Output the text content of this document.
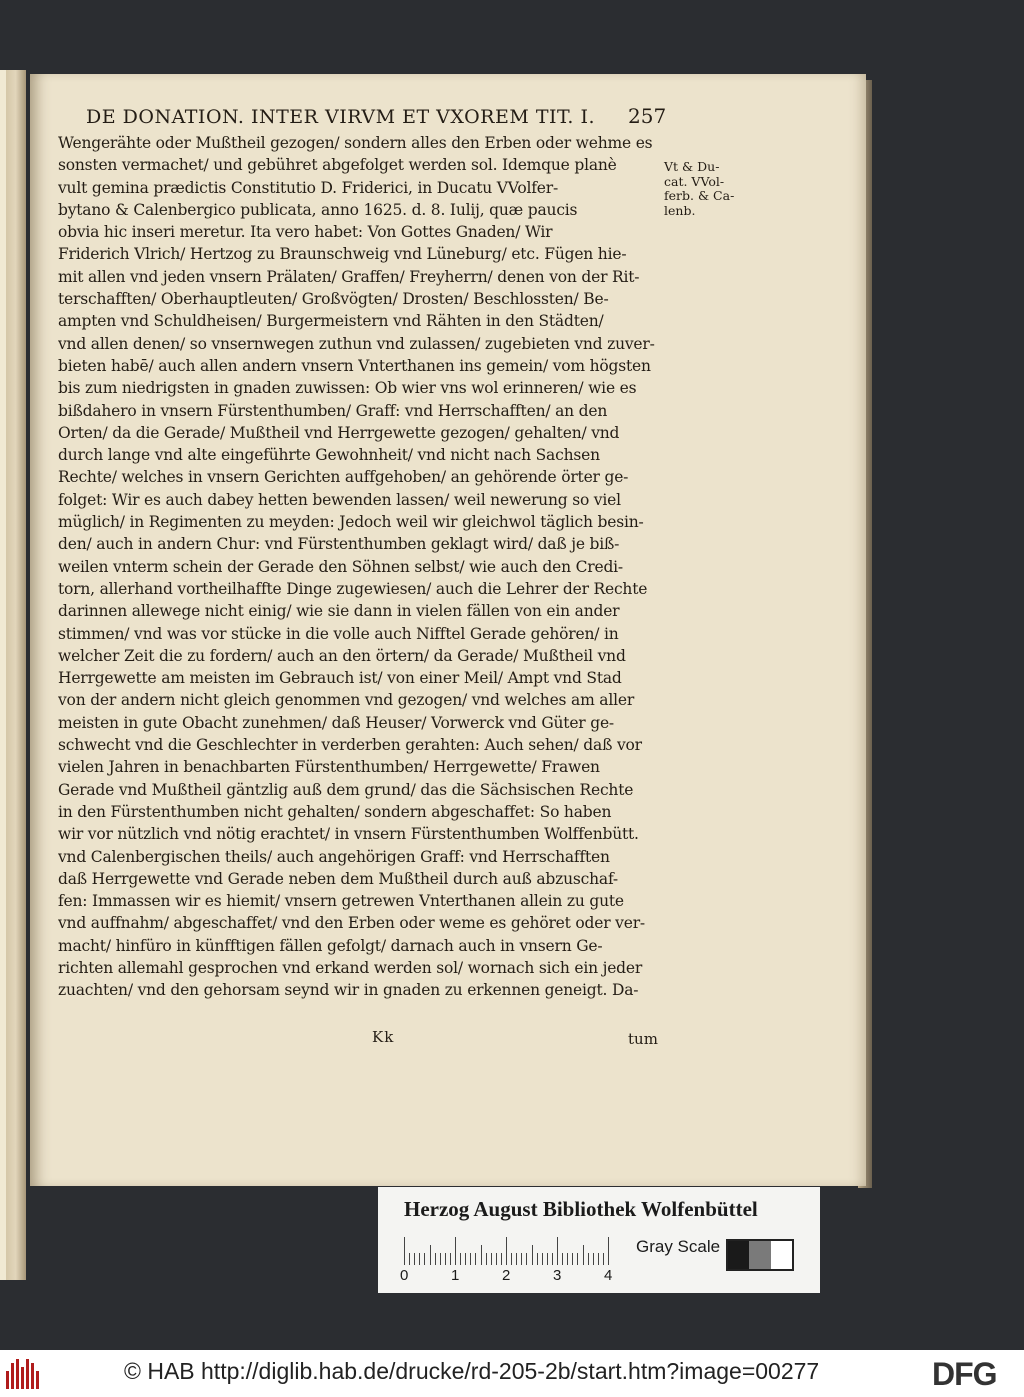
DE DONATION. INTER VIRVM ET VXOREM TIT. I.	257
Wengerähte oder Mußtheil gezogen/ sondern alles den Erben oder wehme es
sonsten vermachet/ und gebühret abgefolget werden sol. Idemque planè
vult gemina prædictis Constitutio D. Friderici, in Ducatu VVolfer-
bytano & Calenbergico publicata, anno 1625. d. 8. Iulij, quæ paucis
obvia hic inseri meretur. Ita vero habet: Von Gottes Gnaden/ Wir
Friderich Vlrich/ Hertzog zu Braunschweig vnd Lüneburg/ etc. Fügen hie-
mit allen vnd jeden vnsern Prälaten/ Graffen/ Freyherrn/ denen von der Rit-
terschafften/ Oberhauptleuten/ Großvögten/ Drosten/ Beschlossten/ Be-
ampten vnd Schuldheisen/ Burgermeistern vnd Rähten in den Städten/
vnd allen denen/ so vnsernwegen zuthun vnd zulassen/ zugebieten vnd zuver-
bieten habē/ auch allen andern vnsern Vnterthanen ins gemein/ vom högsten
bis zum niedrigsten in gnaden zuwissen: Ob wier vns wol erinneren/ wie es
bißdahero in vnsern Fürstenthumben/ Graff: vnd Herrschafften/ an den
Orten/ da die Gerade/ Mußtheil vnd Herrgewette gezogen/ gehalten/ vnd
durch lange vnd alte eingeführte Gewohnheit/ vnd nicht nach Sachsen
Rechte/ welches in vnsern Gerichten auffgehoben/ an gehörende örter ge-
folget: Wir es auch dabey hetten bewenden lassen/ weil newerung so viel
müglich/ in Regimenten zu meyden: Jedoch weil wir gleichwol täglich besin-
den/ auch in andern Chur: vnd Fürstenthumben geklagt wird/ daß je biß-
weilen vnterm schein der Gerade den Söhnen selbst/ wie auch den Credi-
torn, allerhand vortheilhaffte Dinge zugewiesen/ auch die Lehrer der Rechte
darinnen allewege nicht einig/ wie sie dann in vielen fällen von ein ander
stimmen/ vnd was vor stücke in die volle auch Nifftel Gerade gehören/ in
welcher Zeit die zu fordern/ auch an den örtern/ da Gerade/ Mußtheil vnd
Herrgewette am meisten im Gebrauch ist/ von einer Meil/ Ampt vnd Stad
von der andern nicht gleich genommen vnd gezogen/ vnd welches am aller
meisten in gute Obacht zunehmen/ daß Heuser/ Vorwerck vnd Güter ge-
schwecht vnd die Geschlechter in verderben gerahten: Auch sehen/ daß vor
vielen Jahren in benachbarten Fürstenthumben/ Herrgewette/ Frawen
Gerade vnd Mußtheil gäntzlig auß dem grund/ das die Sächsischen Rechte
in den Fürstenthumben nicht gehalten/ sondern abgeschaffet: So haben
wir vor nützlich vnd nötig erachtet/ in vnsern Fürstenthumben Wolffenbütt.
vnd Calenbergischen theils/ auch angehörigen Graff: vnd Herrschafften
daß Herrgewette vnd Gerade neben dem Mußtheil durch auß abzuschaf-
fen: Immassen wir es hiemit/ vnsern getrewen Vnterthanen allein zu gute
vnd auffnahm/ abgeschaffet/ vnd den Erben oder weme es gehöret oder ver-
macht/ hinfüro in künfftigen fällen gefolgt/ darnach auch in vnsern Ge-
richten allemahl gesprochen vnd erkand werden sol/ wornach sich ein jeder
zuachten/ vnd den gehorsam seynd wir in gnaden zu erkennen geneigt. Da-
Vt & Du-
cat. VVol-
ferb. & Ca-
lenb.
Kk	tum
Herzog August Bibliothek Wolfenbüttel
Gray Scale
0	1	2	3	4
© HAB http://diglib.hab.de/drucke/rd-205-2b/start.htm?image=00277	DFG
